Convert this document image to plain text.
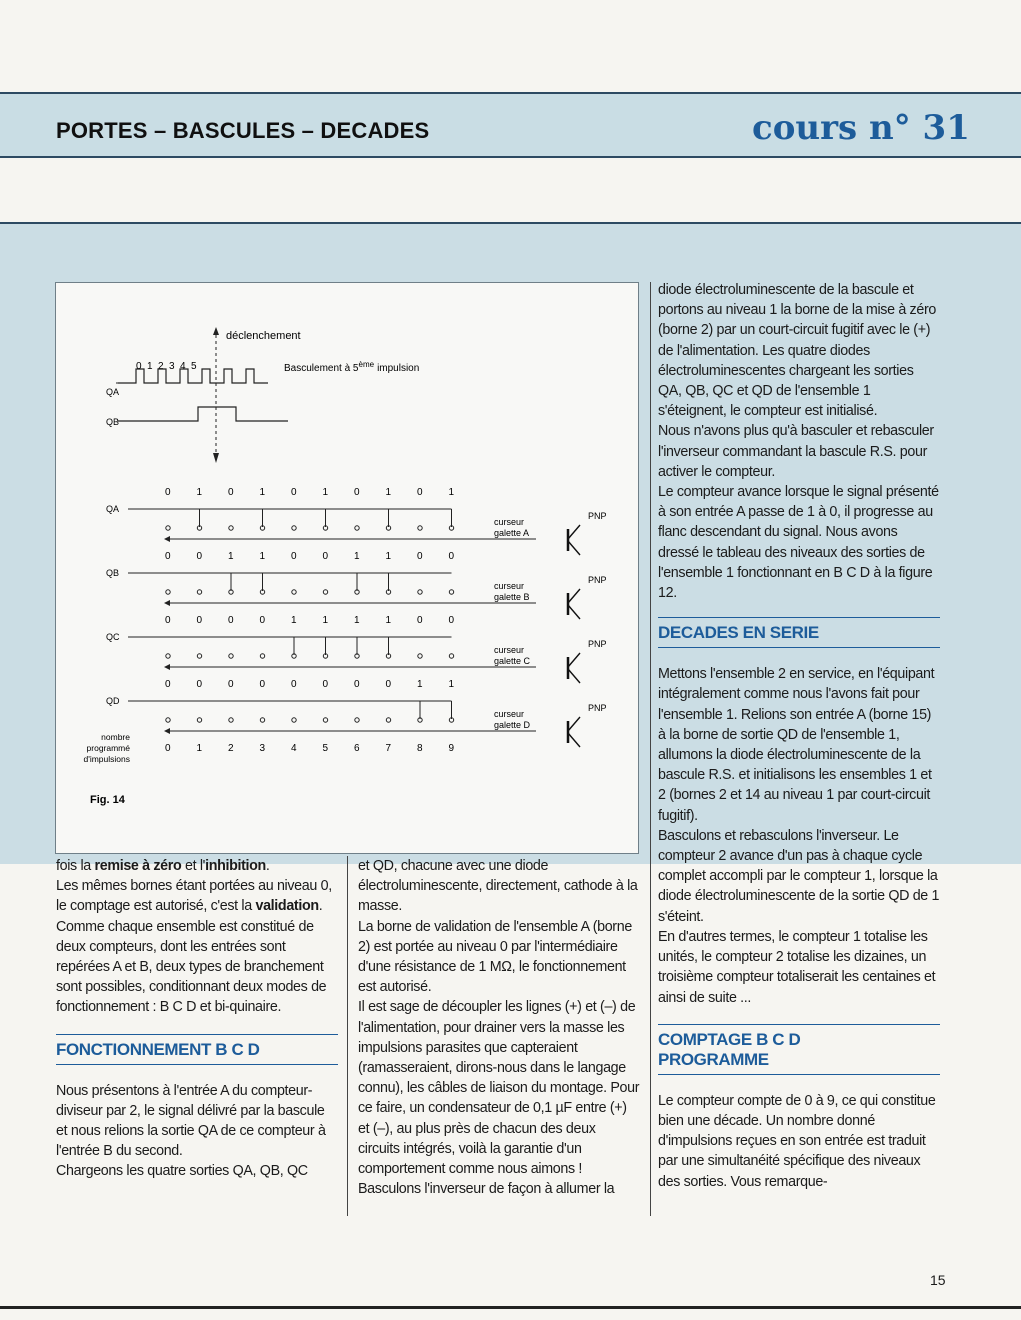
PORTES – BASCULES – DECADES	cours n° 31
déclenchement
Basculement à 5ème impulsion
0 1 2 3 4 5
QA
QB
QA
0	1	0	1	0	1	0	1	0	1
curseur
galette A
PNP
QB
0	0	1	1	0	0	1	1	0	0
curseur
galette B
PNP
QC
0	0	0	0	1	1	1	1	0	0
curseur
galette C
PNP
QD
0	0	0	0	0	0	0	0	1	1
curseur
galette D
PNP
0	1	2	3	4	5	6	7	8	9
nombre
programmé
d'impulsions
Fig. 14

fois la remise à zéro et l'inhibition.

Les mêmes bornes étant portées au niveau 0, le comptage est autorisé, c'est la validation.

Comme chaque ensemble est constitué de deux compteurs, dont les entrées sont repérées A et B, deux types de branchement sont possibles, conditionnant deux modes de fonctionnement : B C D et bi-quinaire.

FONCTIONNEMENT B C D

Nous présentons à l'entrée A du compteur-diviseur par 2, le signal délivré par la bascule et nous relions la sortie QA de ce compteur à l'entrée B du second.

Chargeons les quatre sorties QA, QB, QC

et QD, chacune avec une diode électroluminescente, directement, cathode à la masse.

La borne de validation de l'ensemble A (borne 2) est portée au niveau 0 par l'intermédiaire d'une résistance de 1 MΩ, le fonctionnement est autorisé.

Il est sage de découpler les lignes (+) et (–) de l'alimentation, pour drainer vers la masse les impulsions parasites que capteraient (ramasseraient, dirons-nous dans le langage connu), les câbles de liaison du montage. Pour ce faire, un condensateur de 0,1 µF entre (+) et (–), au plus près de chacun des deux circuits intégrés, voilà la garantie d'un comportement comme nous aimons !

Basculons l'inverseur de façon à allumer la

diode électroluminescente de la bascule et portons au niveau 1 la borne de la mise à zéro (borne 2) par un court-circuit fugitif avec le (+) de l'alimentation. Les quatre diodes électroluminescentes chargeant les sorties QA, QB, QC et QD de l'ensemble 1 s'éteignent, le compteur est initialisé.

Nous n'avons plus qu'à basculer et rebasculer l'inverseur commandant la bascule R.S. pour activer le compteur.

Le compteur avance lorsque le signal présenté à son entrée A passe de 1 à 0, il progresse au flanc descendant du signal. Nous avons dressé le tableau des niveaux des sorties de l'ensemble 1 fonctionnant en B C D à la figure 12.

DECADES EN SERIE

Mettons l'ensemble 2 en service, en l'équipant intégralement comme nous l'avons fait pour l'ensemble 1. Relions son entrée A (borne 15) à la borne de sortie QD de l'ensemble 1, allumons la diode électroluminescente de la bascule R.S. et initialisons les ensembles 1 et 2 (bornes 2 et 14 au niveau 1 par court-circuit fugitif).

Basculons et rebasculons l'inverseur. Le compteur 2 avance d'un pas à chaque cycle complet accompli par le compteur 1, lorsque la diode électroluminescente de la sortie QD de 1 s'éteint.

En d'autres termes, le compteur 1 totalise les unités, le compteur 2 totalise les dizaines, un troisième compteur totaliserait les centaines et ainsi de suite ...

COMPTAGE B C D
PROGRAMME

Le compteur compte de 0 à 9, ce qui constitue bien une décade. Un nombre donné d'impulsions reçues en son entrée est traduit par une simultanéité spécifique des niveaux des sorties. Vous remarque-

15
